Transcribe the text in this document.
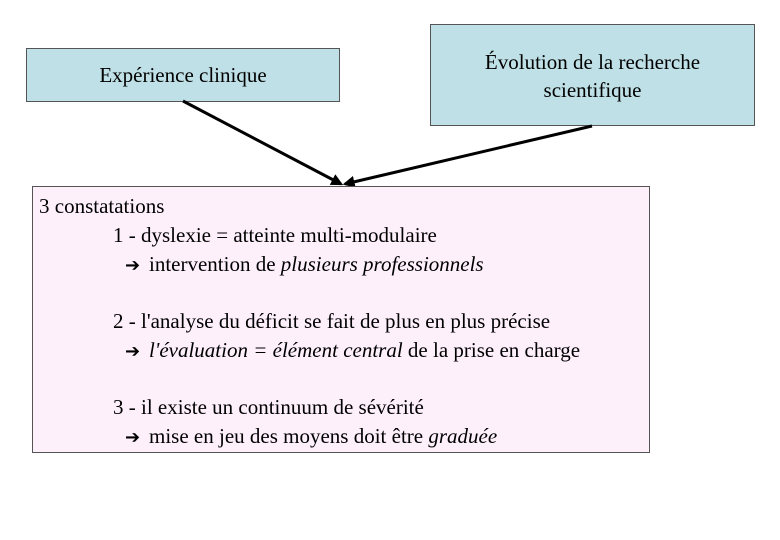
Expérience clinique
Évolution de la recherche
scientifique
3 constatations
1 - dyslexie = atteinte multi-modulaire
➔ intervention de plusieurs professionnels
2 - l'analyse du déficit se fait de plus en plus précise
➔ l'évaluation = élément central de la prise en charge
3 - il existe un continuum de sévérité
➔ mise en jeu des moyens doit être graduée
